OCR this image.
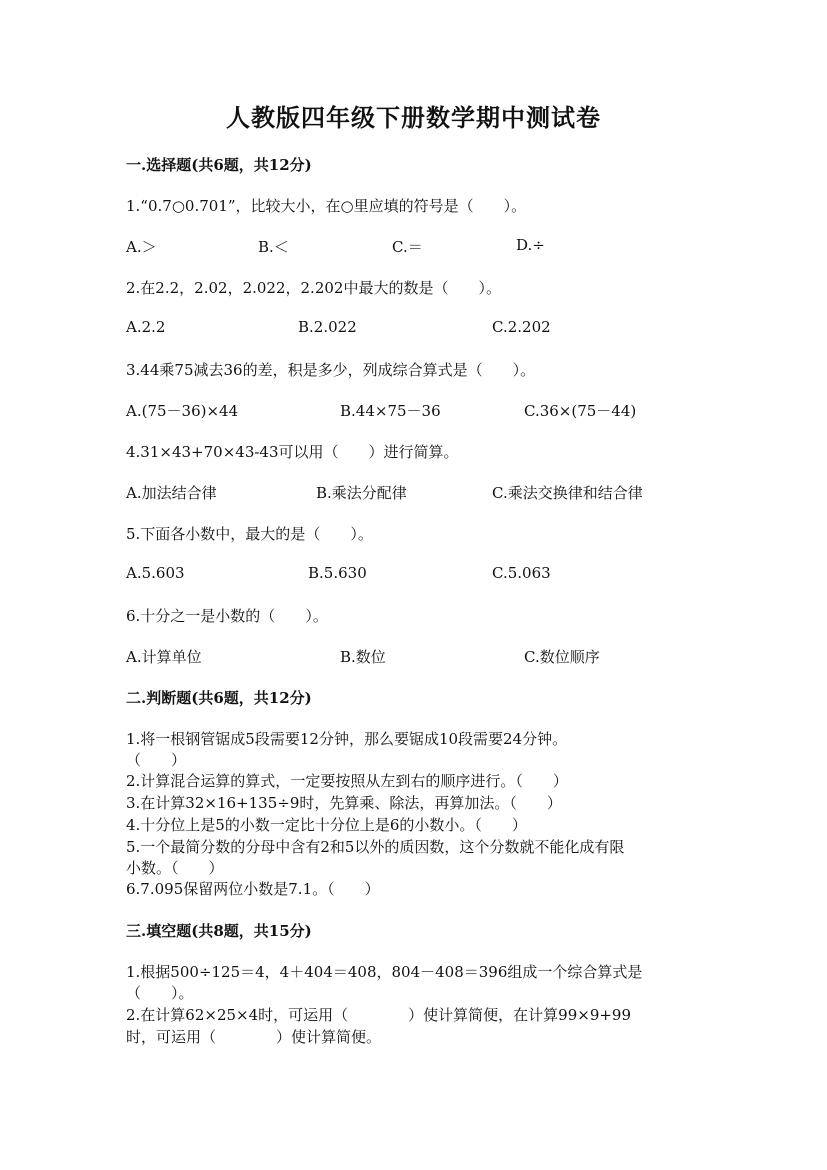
人教版四年级下册数学期中测试卷
一.选择题(共6题，共12分)
1.“0.7○0.701”，比较大小，在○里应填的符号是（　　）。
A.＞	B.＜	C.＝	D.÷
2.在2.2，2.02，2.022，2.202中最大的数是（　　）。
A.2.2	B.2.022	C.2.202
3.44乘75减去36的差，积是多少，列成综合算式是（　　）。
A.(75－36)×44	B.44×75－36	C.36×(75－44)
4.31×43+70×43-43可以用（　　）进行简算。
A.加法结合律	B.乘法分配律	C.乘法交换律和结合律
5.下面各小数中，最大的是（　　）。
A.5.603	B.5.630	C.5.063
6.十分之一是小数的（　　）。
A.计算单位	B.数位	C.数位顺序
二.判断题(共6题，共12分)
1.将一根钢管锯成5段需要12分钟，那么要锯成10段需要24分钟。
（　　）
2.计算混合运算的算式，一定要按照从左到右的顺序进行。（　　）
3.在计算32×16+135÷9时，先算乘、除法，再算加法。（　　）
4.十分位上是5的小数一定比十分位上是6的小数小。（　　）
5.一个最简分数的分母中含有2和5以外的质因数，这个分数就不能化成有限
小数。（　　）
6.7.095保留两位小数是7.1。（　　）
三.填空题(共8题，共15分)
1.根据500÷125＝4，4＋404＝408，804－408＝396组成一个综合算式是
（　　）。
2.在计算62×25×4时，可运用（　　　　）使计算简便，在计算99×9+99
时，可运用（　　　　）使计算简便。
